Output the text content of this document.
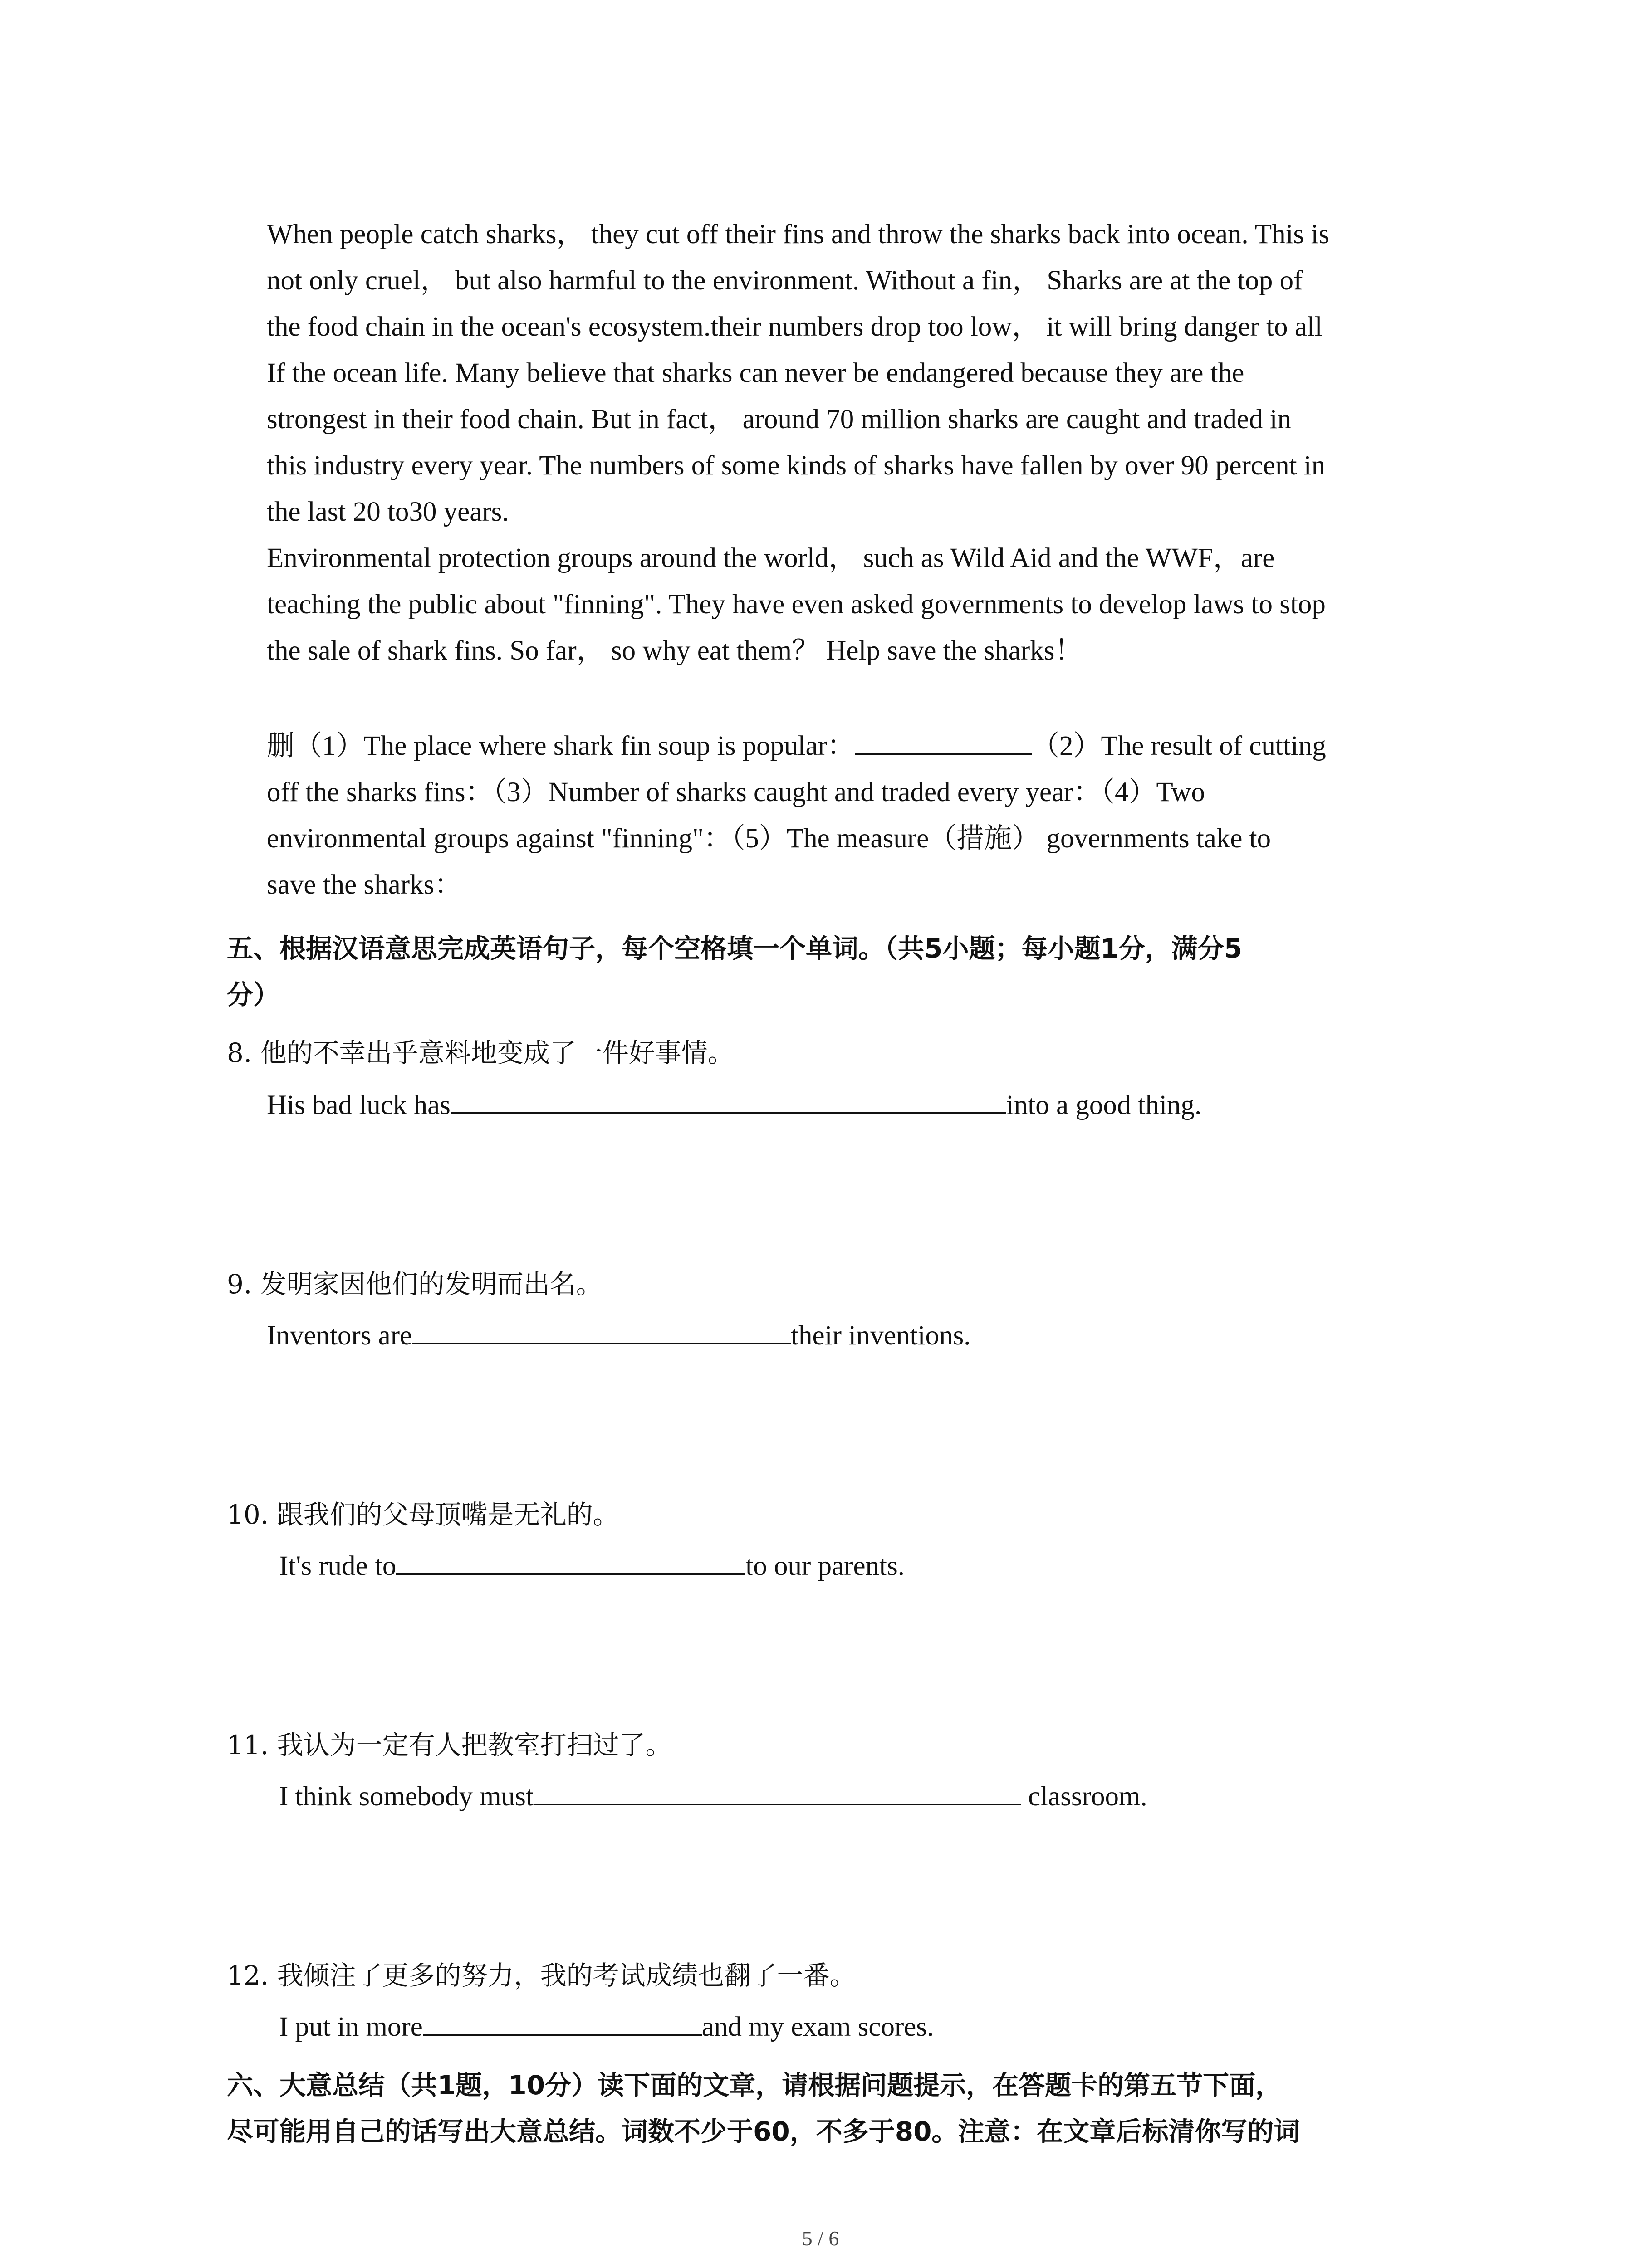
When people catch sharks， they cut off their fins and throw the sharks back into ocean. This is

not only cruel， but also harmful to the environment. Without a fin， Sharks are at the top of

the food chain in the ocean's ecosystem.their numbers drop too low， it will bring danger to all

If the ocean life. Many believe that sharks can never be endangered because they are the

strongest in their food chain. But in fact， around 70 million sharks are caught and traded in

this industry every year. The numbers of some kinds of sharks have fallen by over 90 percent in

the last 20 to30 years.

Environmental protection groups around the world， such as Wild Aid and the WWF，are

teaching the public about "finning". They have even asked governments to develop laws to stop

the sale of shark fins. So far， so why eat them？ Help save the sharks！

删（1）The place where shark fin soup is popular：	（2）The result of cutting

off the sharks fins：（3）Number of sharks caught and traded every year：（4）Two

environmental groups against "finning"：（5）The measure（措施） governments take to

save the sharks：

五、根据汉语意思完成英语句子，每个空格填一个单词。（共5小题；每小题1分，满分5

分）

8. 他的不幸出乎意料地变成了一件好事情。

His bad luck has	into a good thing.

9. 发明家因他们的发明而出名。

Inventors are	their inventions.

10. 跟我们的父母顶嘴是无礼的。

It's rude to	to our parents.

11. 我认为一定有人把教室打扫过了。

I think somebody must	classroom.

12. 我倾注了更多的努力，我的考试成绩也翻了一番。

I put in more	and my exam scores.

六、大意总结（共1题，10分）读下面的文章，请根据问题提示，在答题卡的第五节下面，

尽可能用自己的话写出大意总结。词数不少于60，不多于80。注意：在文章后标清你写的词

5 / 6
